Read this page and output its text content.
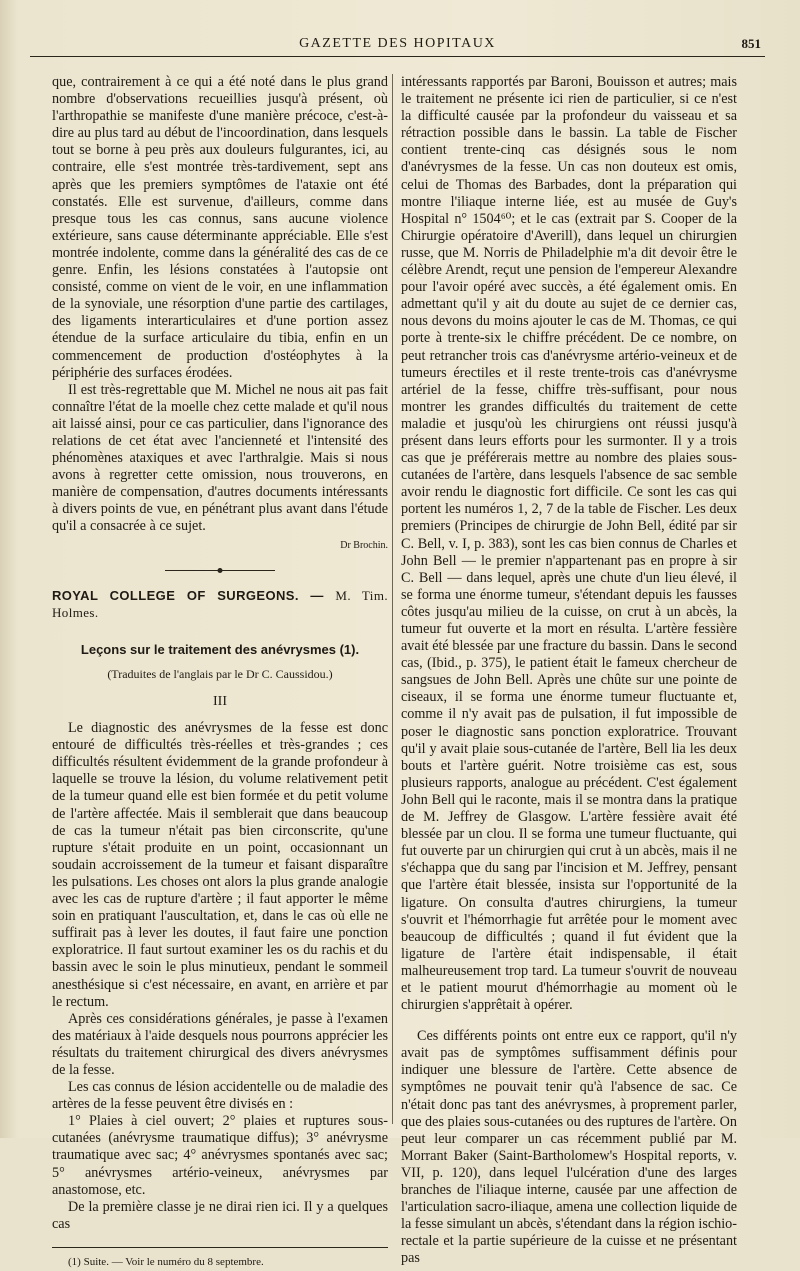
GAZETTE DES HOPITAUX	851

que, contrairement à ce qui a été noté dans le plus grand nombre d'observations recueillies jusqu'à présent, où l'arthropathie se manifeste d'une manière précoce, c'est-à-dire au plus tard au début de l'incoordination, dans lesquels tout se borne à peu près aux douleurs fulgurantes, ici, au contraire, elle s'est montrée très-tardivement, sept ans après que les premiers symptômes de l'ataxie ont été constatés. Elle est survenue, d'ailleurs, comme dans presque tous les cas connus, sans aucune violence extérieure, sans cause déterminante appréciable. Elle s'est montrée indolente, comme dans la généralité des cas de ce genre. Enfin, les lésions constatées à l'autopsie ont consisté, comme on vient de le voir, en une inflammation de la synoviale, une résorption d'une partie des cartilages, des ligaments interarticulaires et d'une portion assez étendue de la surface articulaire du tibia, enfin en un commencement de production d'ostéophytes à la périphérie des surfaces érodées.

Il est très-regrettable que M. Michel ne nous ait pas fait connaître l'état de la moelle chez cette malade et qu'il nous ait laissé ainsi, pour ce cas particulier, dans l'ignorance des relations de cet état avec l'ancienneté et l'intensité des phénomènes ataxiques et avec l'arthralgie. Mais si nous avons à regretter cette omission, nous trouverons, en manière de compensation, d'autres documents intéressants à divers points de vue, en pénétrant plus avant dans l'étude qu'il a consacrée à ce sujet.

Dr Brochin.
ROYAL COLLEGE OF SURGEONS. — M. Tim. Holmes.
Leçons sur le traitement des anévrysmes (1).
(Traduites de l'anglais par le Dr C. Caussidou.)
III

Le diagnostic des anévrysmes de la fesse est donc entouré de difficultés très-réelles et très-grandes ; ces difficultés résultent évidemment de la grande profondeur à laquelle se trouve la lésion, du volume relativement petit de la tumeur quand elle est bien formée et du petit volume de l'artère affectée. Mais il semblerait que dans beaucoup de cas la tumeur n'était pas bien circonscrite, qu'une rupture s'était produite en un point, occasionnant un soudain accroissement de la tumeur et faisant disparaître les pulsations. Les choses ont alors la plus grande analogie avec les cas de rupture d'artère ; il faut apporter le même soin en pratiquant l'auscultation, et, dans le cas où elle ne suffirait pas à lever les doutes, il faut faire une ponction exploratrice. Il faut surtout examiner les os du rachis et du bassin avec le soin le plus minutieux, pendant le sommeil anesthésique si c'est nécessaire, en avant, en arrière et par le rectum.

Après ces considérations générales, je passe à l'examen des matériaux à l'aide desquels nous pourrons apprécier les résultats du traitement chirurgical des divers anévrysmes de la fesse.

Les cas connus de lésion accidentelle ou de maladie des artères de la fesse peuvent être divisés en :

1° Plaies à ciel ouvert; 2° plaies et ruptures sous-cutanées (anévrysme traumatique diffus); 3° anévrysme traumatique avec sac; 4° anévrysmes spontanés avec sac; 5° anévrysmes artério-veineux, anévrysmes par anastomose, etc.

De la première classe je ne dirai rien ici. Il y a quelques cas

(1) Suite. — Voir le numéro du 8 septembre.

intéressants rapportés par Baroni, Bouisson et autres; mais le traitement ne présente ici rien de particulier, si ce n'est la difficulté causée par la profondeur du vaisseau et sa rétraction possible dans le bassin. La table de Fischer contient trente-cinq cas désignés sous le nom d'anévrysmes de la fesse. Un cas non douteux est omis, celui de Thomas des Barbades, dont la préparation qui montre l'iliaque interne liée, est au musée de Guy's Hospital n° 1504⁶⁰; et le cas (extrait par S. Cooper de la Chirurgie opératoire d'Averill), dans lequel un chirurgien russe, que M. Norris de Philadelphie m'a dit devoir être le célèbre Arendt, reçut une pension de l'empereur Alexandre pour l'avoir opéré avec succès, a été également omis. En admettant qu'il y ait du doute au sujet de ce dernier cas, nous devons du moins ajouter le cas de M. Thomas, ce qui porte à trente-six le chiffre précédent. De ce nombre, on peut retrancher trois cas d'anévrysme artério-veineux et de tumeurs érectiles et il reste trente-trois cas d'anévrysme artériel de la fesse, chiffre très-suffisant, pour nous montrer les grandes difficultés du traitement de cette maladie et jusqu'où les chirurgiens ont réussi jusqu'à présent dans leurs efforts pour les surmonter. Il y a trois cas que je préférerais mettre au nombre des plaies sous-cutanées de l'artère, dans lesquels l'absence de sac semble avoir rendu le diagnostic fort difficile. Ce sont les cas qui portent les numéros 1, 2, 7 de la table de Fischer. Les deux premiers (Principes de chirurgie de John Bell, édité par sir C. Bell, v. I, p. 383), sont les cas bien connus de Charles et John Bell — le premier n'appartenant pas en propre à sir C. Bell — dans lequel, après une chute d'un lieu élevé, il se forma une énorme tumeur, s'étendant depuis les fausses côtes jusqu'au milieu de la cuisse, on crut à un abcès, la tumeur fut ouverte et la mort en résulta. L'artère fessière avait été blessée par une fracture du bassin. Dans le second cas, (Ibid., p. 375), le patient était le fameux chercheur de sangsues de John Bell. Après une chûte sur une pointe de ciseaux, il se forma une énorme tumeur fluctuante et, comme il n'y avait pas de pulsation, il fut impossible de poser le diagnostic sans ponction exploratrice. Trouvant qu'il y avait plaie sous-cutanée de l'artère, Bell lia les deux bouts et l'artère guérit. Notre troisième cas est, sous plusieurs rapports, analogue au précédent. C'est également John Bell qui le raconte, mais il se montra dans la pratique de M. Jeffrey de Glasgow. L'artère fessière avait été blessée par un clou. Il se forma une tumeur fluctuante, qui fut ouverte par un chirurgien qui crut à un abcès, mais il ne s'échappa que du sang par l'incision et M. Jeffrey, pensant que l'artère était blessée, insista sur l'opportunité de la ligature. On consulta d'autres chirurgiens, la tumeur s'ouvrit et l'hémorrhagie fut arrêtée pour le moment avec beaucoup de difficultés ; quand il fut évident que la ligature de l'artère était indispensable, il était malheureusement trop tard. La tumeur s'ouvrit de nouveau et le patient mourut d'hémorrhagie au moment où le chirurgien s'apprêtait à opérer.

Ces différents points ont entre eux ce rapport, qu'il n'y avait pas de symptômes suffisamment définis pour indiquer une blessure de l'artère. Cette absence de symptômes ne pouvait tenir qu'à l'absence de sac. Ce n'était donc pas tant des anévrysmes, à proprement parler, que des plaies sous-cutanées ou des ruptures de l'artère. On peut leur comparer un cas récemment publié par M. Morrant Baker (Saint-Bartholomew's Hospital reports, v. VII, p. 120), dans lequel l'ulcération d'une des larges branches de l'iliaque interne, causée par une affection de l'articulation sacro-iliaque, amena une collection liquide de la fesse simulant un abcès, s'étendant dans la région ischio-rectale et la partie supérieure de la cuisse et ne présentant pas
